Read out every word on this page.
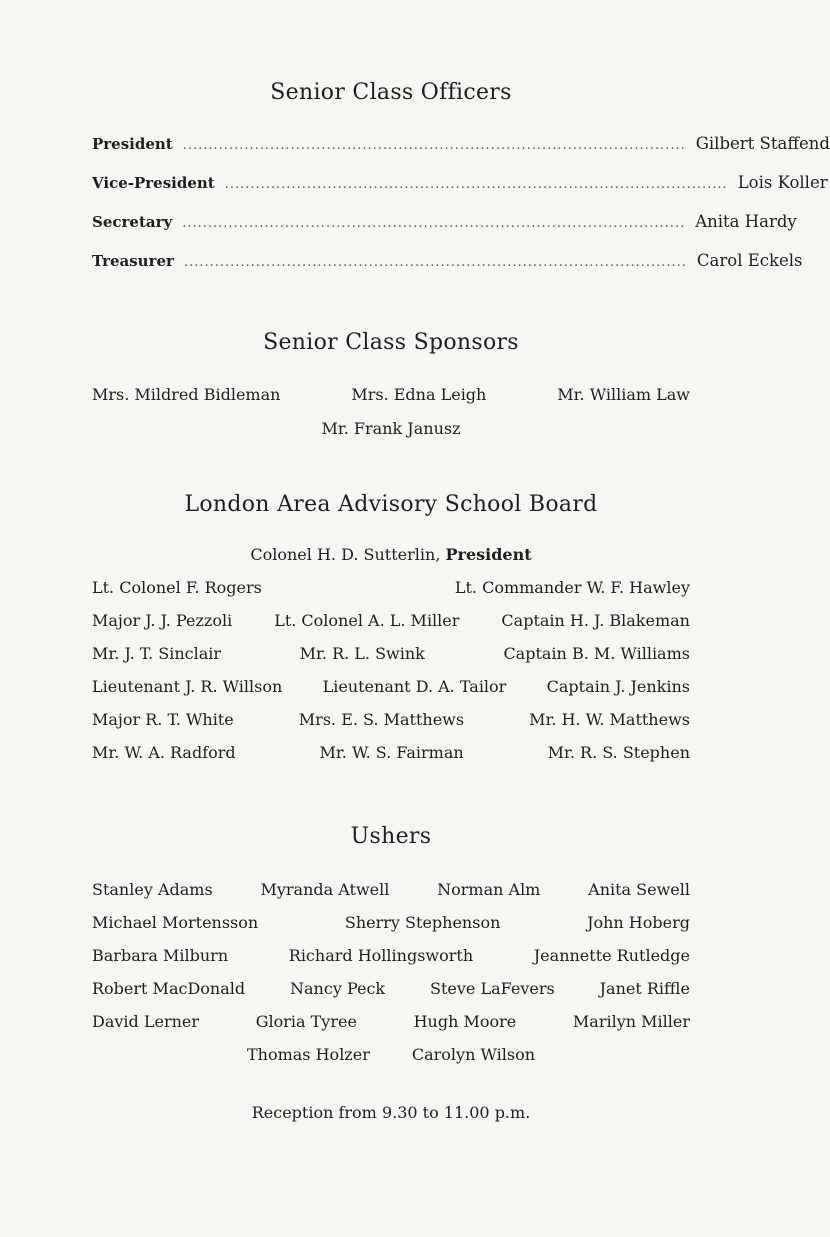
Senior Class Officers
President .................................................................................................. Gilbert Staffend
Vice-President .................................................................................................. Lois Koller
Secretary .................................................................................................. Anita Hardy
Treasurer .................................................................................................. Carol Eckels
Senior Class Sponsors
Mrs. Mildred Bidleman	Mrs. Edna Leigh	Mr. William Law
Mr. Frank Janusz
London Area Advisory School Board
Colonel H. D. Sutterlin,
President
Lt. Colonel F. Rogers	Lt. Commander W. F. Hawley
Major J. J. Pezzoli	Lt. Colonel A. L. Miller	Captain H. J. Blakeman
Mr. J. T. Sinclair	Mr. R. L. Swink	Captain B. M. Williams
Lieutenant J. R. Willson	Lieutenant D. A. Tailor	Captain J. Jenkins
Major R. T. White	Mrs. E. S. Matthews	Mr. H. W. Matthews
Mr. W. A. Radford	Mr. W. S. Fairman	Mr. R. S. Stephen
Ushers
Stanley Adams	Myranda Atwell	Norman Alm	Anita Sewell
Michael Mortensson	Sherry Stephenson	John Hoberg
Barbara Milburn	Richard Hollingsworth	Jeannette Rutledge
Robert MacDonald	Nancy Peck	Steve LaFevers	Janet Riffle
David Lerner	Gloria Tyree	Hugh Moore	Marilyn Miller
Thomas Holzer	Carolyn Wilson
Reception from 9.30 to 11.00 p.m.
